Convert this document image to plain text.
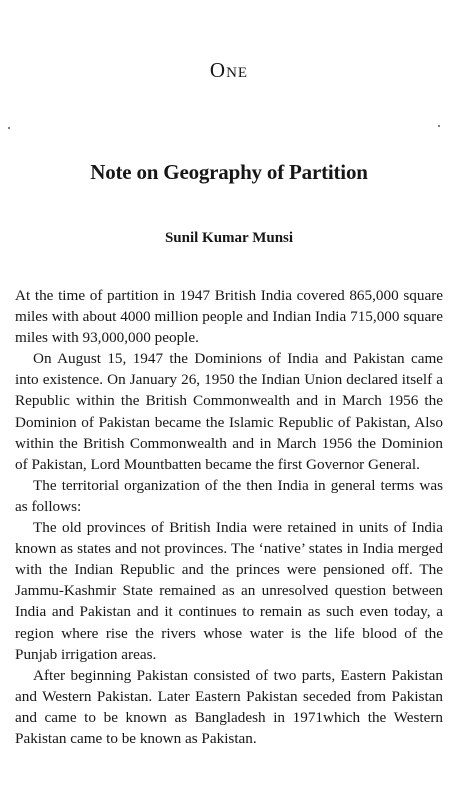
One
Note on Geography of Partition
Sunil Kumar Munsi

At the time of partition in 1947 British India covered 865,000 square miles with about 4000 million people and Indian India 715,000 square miles with 93,000,000 people.

On August 15, 1947 the Dominions of India and Pakistan came into existence. On January 26, 1950 the Indian Union declared itself a Republic within the British Commonwealth and in March 1956 the Dominion of Pakistan became the Islamic Republic of Pakistan, Also within the British Commonwealth and in March 1956 the Dominion of Pakistan, Lord Mountbatten became the first Governor General.

The territorial organization of the then India in general terms was as follows:

The old provinces of British India were retained in units of India known as states and not provinces. The ‘native’ states in India merged with the Indian Republic and the princes were pensioned off. The Jammu-Kashmir State remained as an unresolved question between India and Pakistan and it continues to remain as such even today, a region where rise the rivers whose water is the life blood of the Punjab irrigation areas.

After beginning Pakistan consisted of two parts, Eastern Pakistan and Western Pakistan. Later Eastern Pakistan seceded from Pakistan and came to be known as Bangladesh in 1971which the Western Pakistan came to be known as Pakistan.
